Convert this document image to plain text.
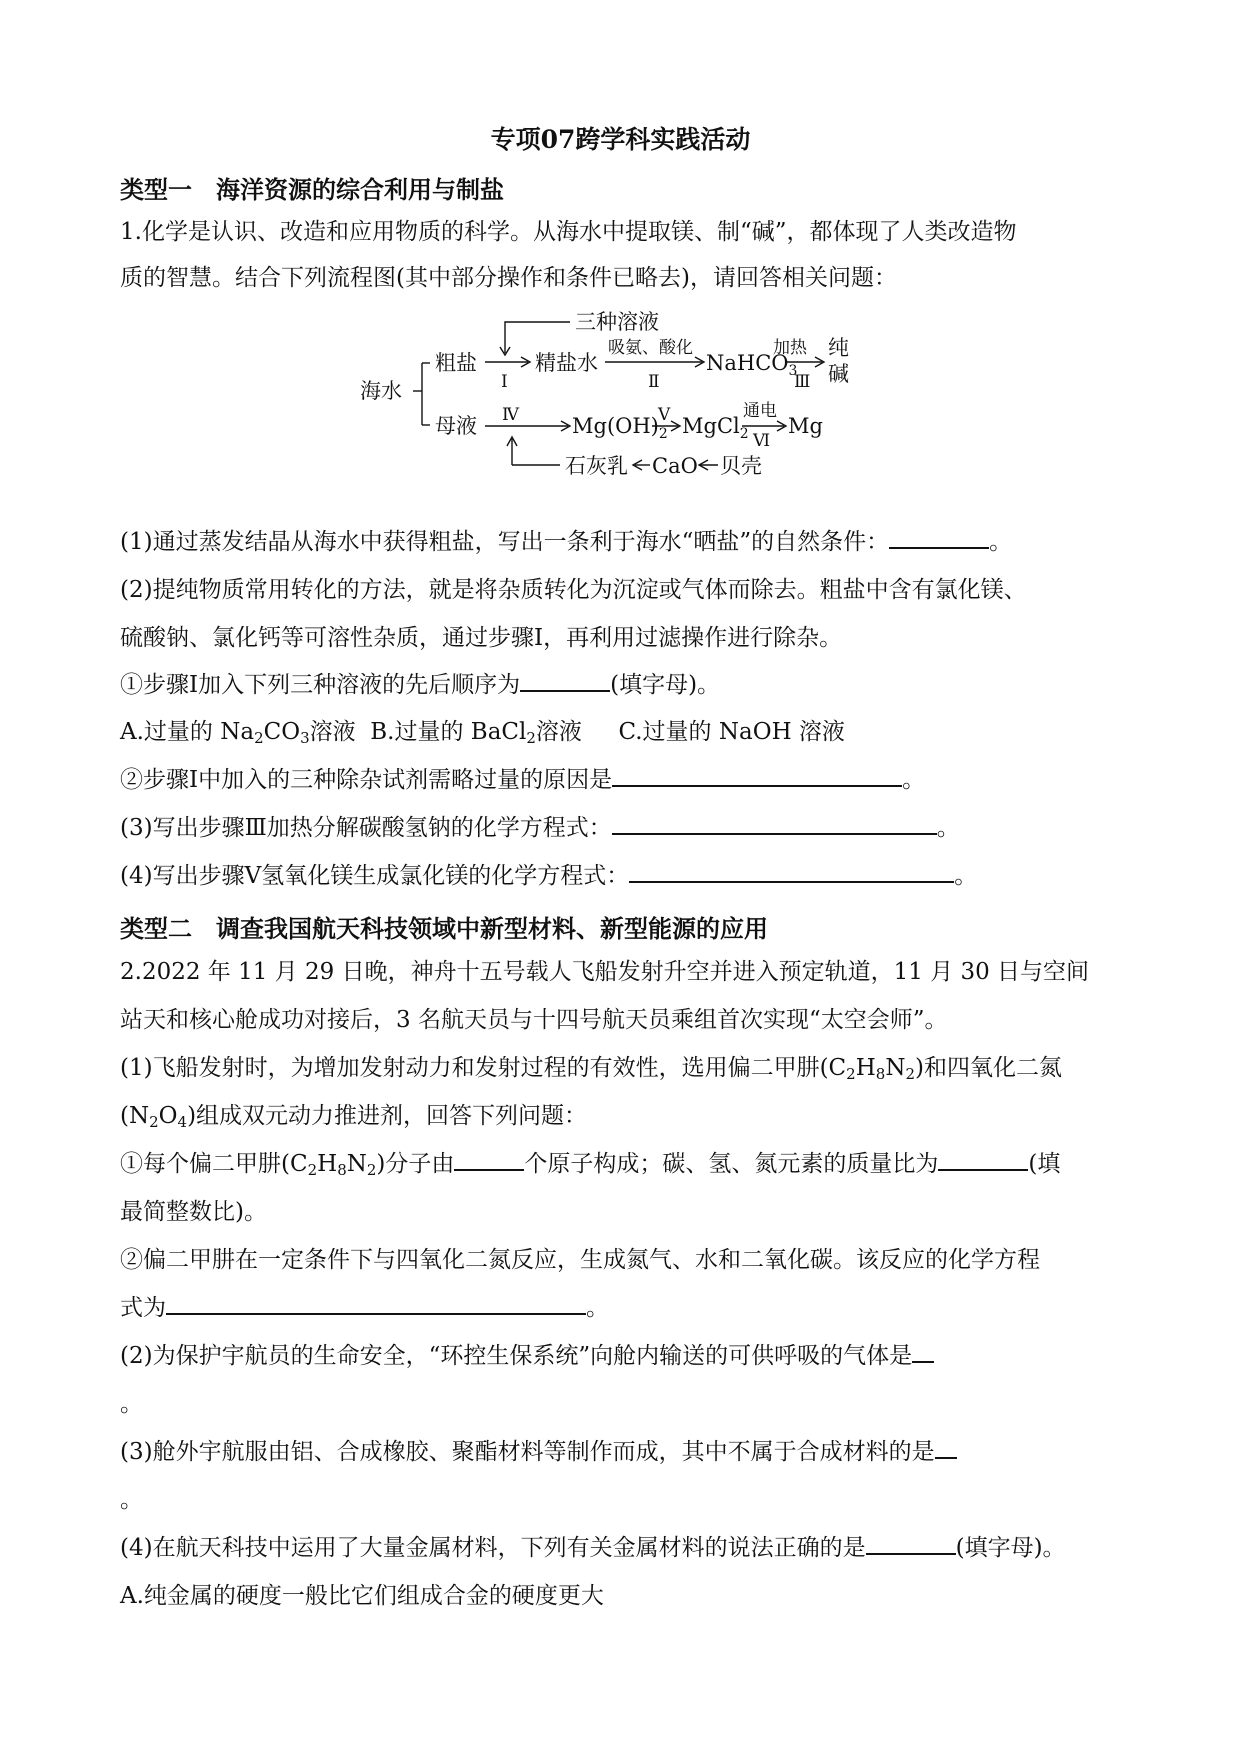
专项07跨学科实践活动
类型一　海洋资源的综合利用与制盐
1.化学是认识、改造和应用物质的科学。从海水中提取镁、制“碱”，都体现了人类改造物
质的智慧。结合下列流程图(其中部分操作和条件已略去)，请回答相关问题：
海水
粗盐
三种溶液
Ⅰ
精盐水
吸氨、酸化
Ⅱ
NaHCO$_3$
加热
Ⅲ
纯
碱
母液 Ⅳ	$Mg(OH)_2$
Ⅴ MgCl$_2$
通电
Ⅵ
Mg
石灰乳 CaO 贝壳
(1)通过蒸发结晶从海水中获得粗盐，写出一条利于海水“晒盐”的自然条件：	。
(2)提纯物质常用转化的方法，就是将杂质转化为沉淀或气体而除去。粗盐中含有氯化镁、
硫酸钠、氯化钙等可溶性杂质，通过步骤Ⅰ，再利用过滤操作进行除杂。
①步骤Ⅰ加入下列三种溶液的先后顺序为	(填字母)。
A.过量的 $Na_2CO_3$溶液 B.过量的 BaCl$_2$溶液 C.过量的 NaOH 溶液
②步骤Ⅰ中加入的三种除杂试剂需略过量的原因是	。
(3)写出步骤Ⅲ加热分解碳酸氢钠的化学方程式：	。
(4)写出步骤Ⅴ氢氧化镁生成氯化镁的化学方程式：	。
类型二　调查我国航天科技领域中新型材料、新型能源的应用
2.2022 年 11 月 29 日晚，神舟十五号载人飞船发射升空并进入预定轨道，11 月 30 日与空间
站天和核心舱成功对接后，3 名航天员与十四号航天员乘组首次实现“太空会师”。
(1)飞船发射时，为增加发射动力和发射过程的有效性，选用偏二甲肼$(C_2H_8N_2)$和四氧化二氮
$(N_2O_4)$组成双元动力推进剂，回答下列问题：
①每个偏二甲肼$(C_2H_8N_2)$分子由	个原子构成；碳、氢、氮元素的质量比为	(填
最简整数比)。
②偏二甲肼在一定条件下与四氧化二氮反应，生成氮气、水和二氧化碳。该反应的化学方程
式为	。
(2)为保护宇航员的生命安全，“环控生保系统”向舱内输送的可供呼吸的气体是
。
(3)舱外宇航服由铝、合成橡胶、聚酯材料等制作而成，其中不属于合成材料的是
。
(4)在航天科技中运用了大量金属材料，下列有关金属材料的说法正确的是	(填字母)。
A.纯金属的硬度一般比它们组成合金的硬度更大
